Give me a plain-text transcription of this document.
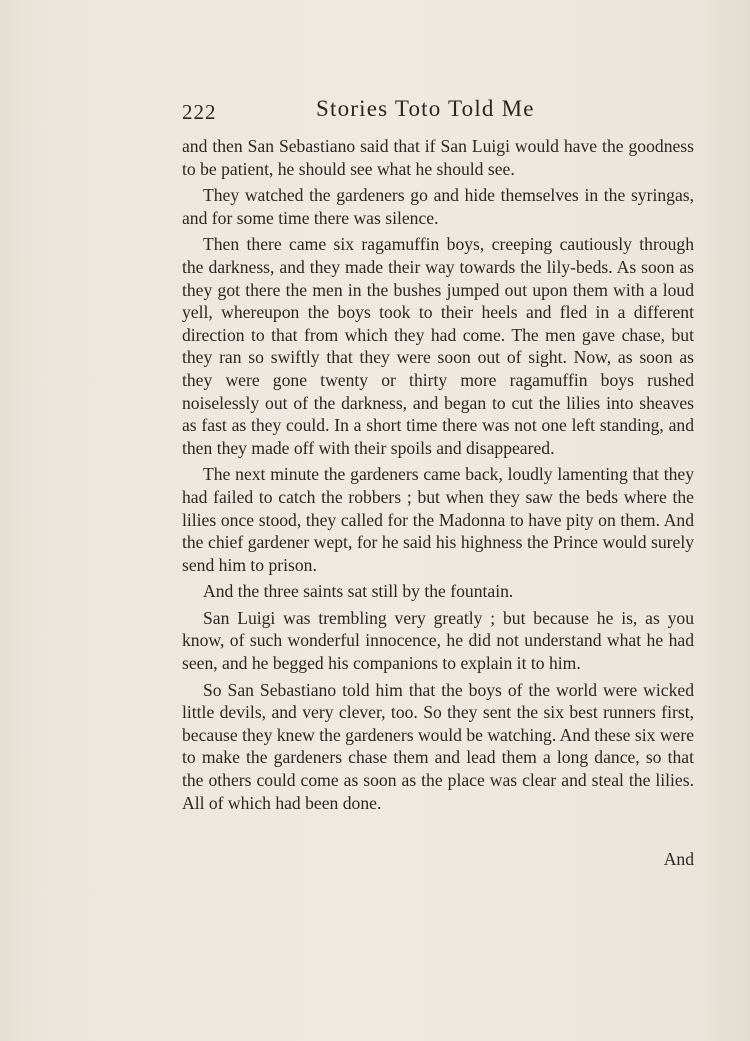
222	Stories Toto Told Me

and then San Sebastiano said that if San Luigi would have the goodness to be patient, he should see what he should see.

They watched the gardeners go and hide themselves in the syringas, and for some time there was silence.

Then there came six ragamuffin boys, creeping cautiously through the darkness, and they made their way towards the lily-beds. As soon as they got there the men in the bushes jumped out upon them with a loud yell, whereupon the boys took to their heels and fled in a different direction to that from which they had come. The men gave chase, but they ran so swiftly that they were soon out of sight. Now, as soon as they were gone twenty or thirty more ragamuffin boys rushed noiselessly out of the darkness, and began to cut the lilies into sheaves as fast as they could. In a short time there was not one left standing, and then they made off with their spoils and disappeared.

The next minute the gardeners came back, loudly lamenting that they had failed to catch the robbers ; but when they saw the beds where the lilies once stood, they called for the Madonna to have pity on them. And the chief gardener wept, for he said his highness the Prince would surely send him to prison.

And the three saints sat still by the fountain.

San Luigi was trembling very greatly ; but because he is, as you know, of such wonderful innocence, he did not understand what he had seen, and he begged his companions to explain it to him.

So San Sebastiano told him that the boys of the world were wicked little devils, and very clever, too. So they sent the six best runners first, because they knew the gardeners would be watching. And these six were to make the gardeners chase them and lead them a long dance, so that the others could come as soon as the place was clear and steal the lilies. All of which had been done.

And
